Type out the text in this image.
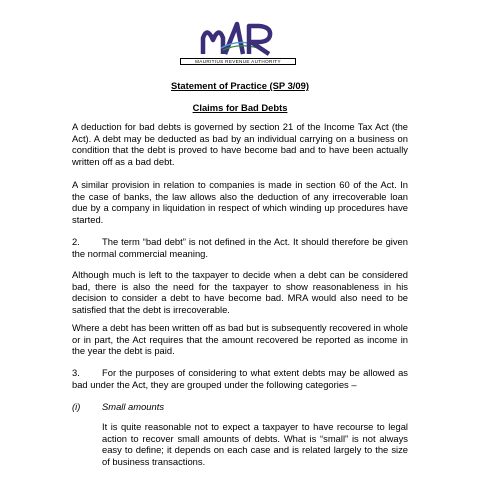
MAURITIUS REVENUE AUTHORITY
Statement of Practice (SP 3/09)
Claims for Bad Debts
A deduction for bad debts is governed by section 21 of the Income Tax Act (the Act). A debt may be deducted as bad by an individual carrying on a business on condition that the debt is proved to have become bad and to have been actually written off as a bad debt.
A similar provision in relation to companies is made in section 60 of the Act. In the case of banks, the law allows also the deduction of any irrecoverable loan due by a company in liquidation in respect of which winding up procedures have started.
2. The term “bad debt” is not defined in the Act. It should therefore be given the normal commercial meaning.
Although much is left to the taxpayer to decide when a debt can be considered bad, there is also the need for the taxpayer to show reasonableness in his decision to consider a debt to have become bad. MRA would also need to be satisfied that the debt is irrecoverable.
Where a debt has been written off as bad but is subsequently recovered in whole or in part, the Act requires that the amount recovered be reported as income in the year the debt is paid.
3. For the purposes of considering to what extent debts may be allowed as bad under the Act, they are grouped under the following categories –
(i) Small amounts
It is quite reasonable not to expect a taxpayer to have recourse to legal action to recover small amounts of debts. What is “small” is not always easy to define; it depends on each case and is related largely to the size of business transactions.
